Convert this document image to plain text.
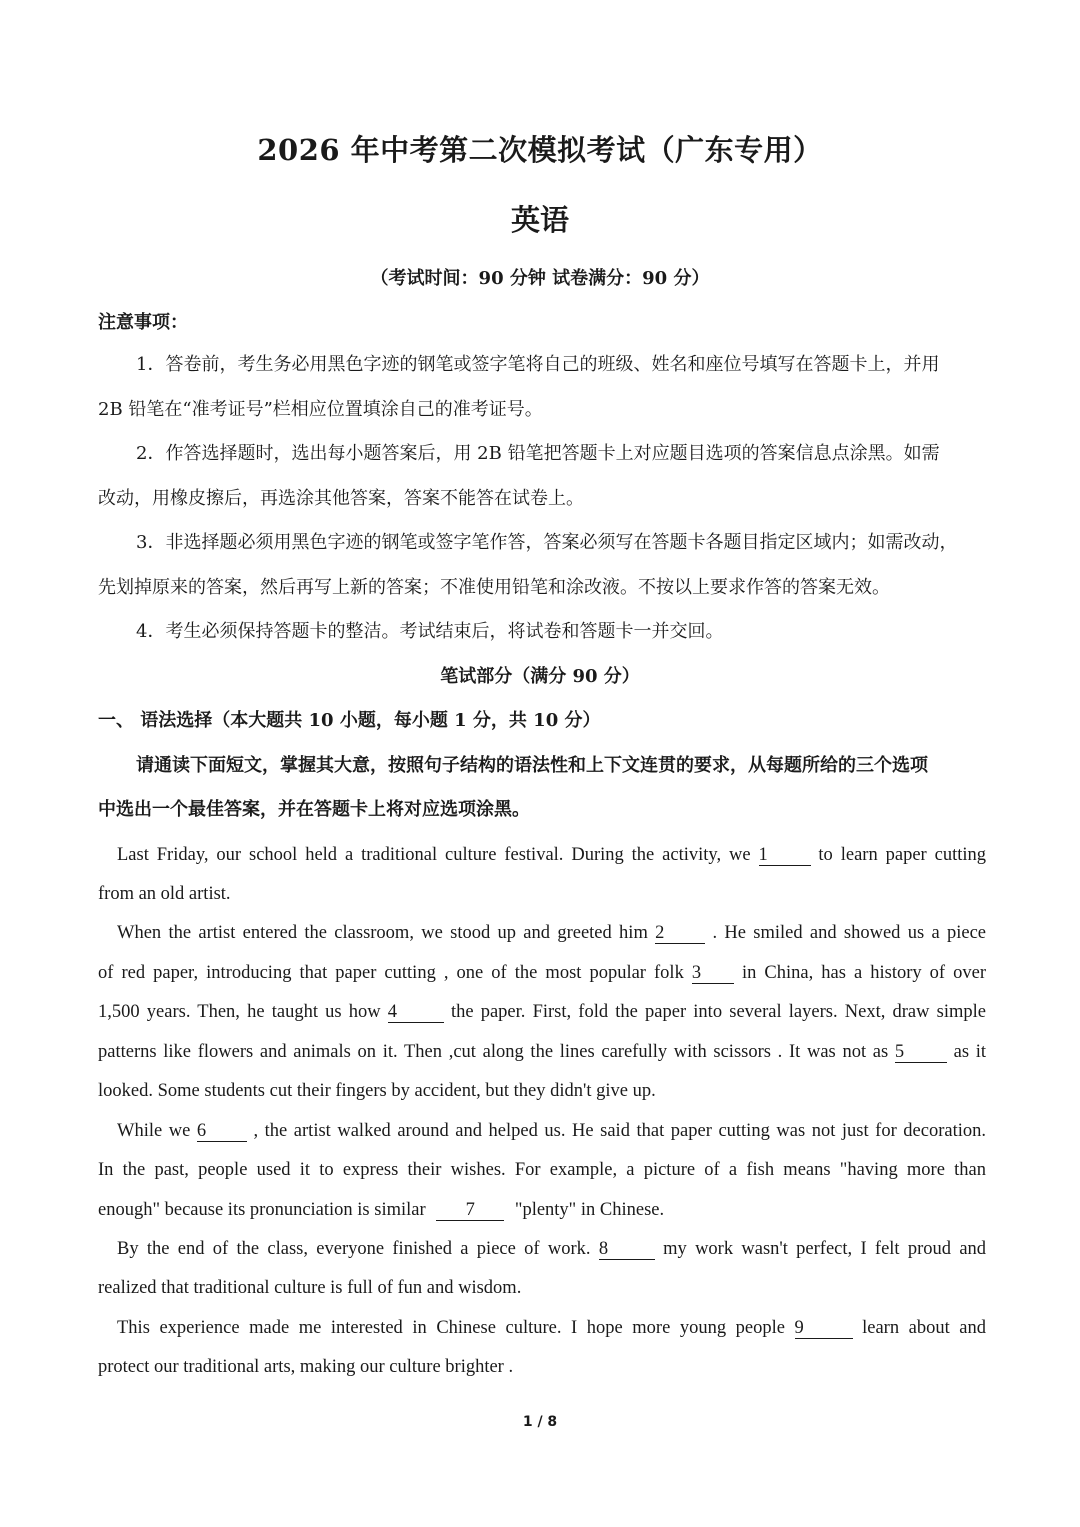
2026 年中考第二次模拟考试（广东专用）
英语
（考试时间：90 分钟 试卷满分：90 分）
注意事项：
1．答卷前，考生务必用黑色字迹的钢笔或签字笔将自己的班级、姓名和座位号填写在答题卡上，并用
2B 铅笔在“准考证号”栏相应位置填涂自己的准考证号。
2．作答选择题时，选出每小题答案后，用 2B 铅笔把答题卡上对应题目选项的答案信息点涂黑。如需
改动，用橡皮擦后，再选涂其他答案，答案不能答在试卷上。
3．非选择题必须用黑色字迹的钢笔或签字笔作答，答案必须写在答题卡各题目指定区域内；如需改动，
先划掉原来的答案，然后再写上新的答案；不准使用铅笔和涂改液。不按以上要求作答的答案无效。
4．考生必须保持答题卡的整洁。考试结束后，将试卷和答题卡一并交回。
笔试部分（满分 90 分）
一、 语法选择（本大题共 10 小题，每小题 1 分，共 10 分）
请通读下面短文，掌握其大意，按照句子结构的语法性和上下文连贯的要求，从每题所给的三个选项
中选出一个最佳答案，并在答题卡上将对应选项涂黑。
Last Friday, our school held a traditional culture festival. During the activity, we 1	to learn paper cutting
from an old artist.
When the artist entered the classroom, we stood up and greeted him 2	. He smiled and showed us a piece
of red paper, introducing that paper cutting , one of the most popular folk 3 in China, has a history of over
1,500 years. Then, he taught us how 4	the paper. First, fold the paper into several layers. Next, draw simple
patterns like flowers and animals on it. Then ,cut along the lines carefully with scissors . It was not as 5	as it
looked. Some students cut their fingers by accident, but they didn't give up.
While we 6	, the artist walked around and helped us. He said that paper cutting was not just for decoration.
In the past, people used it to express their wishes. For example, a picture of a fish means "having more than
enough" because its pronunciation is similar 7 "plenty" in Chinese.
By the end of the class, everyone finished a piece of work. 8	my work wasn't perfect, I felt proud and
realized that traditional culture is full of fun and wisdom.
This experience made me interested in Chinese culture. I hope more young people 9	learn about and
protect our traditional arts, making our culture brighter .
1 / 8
